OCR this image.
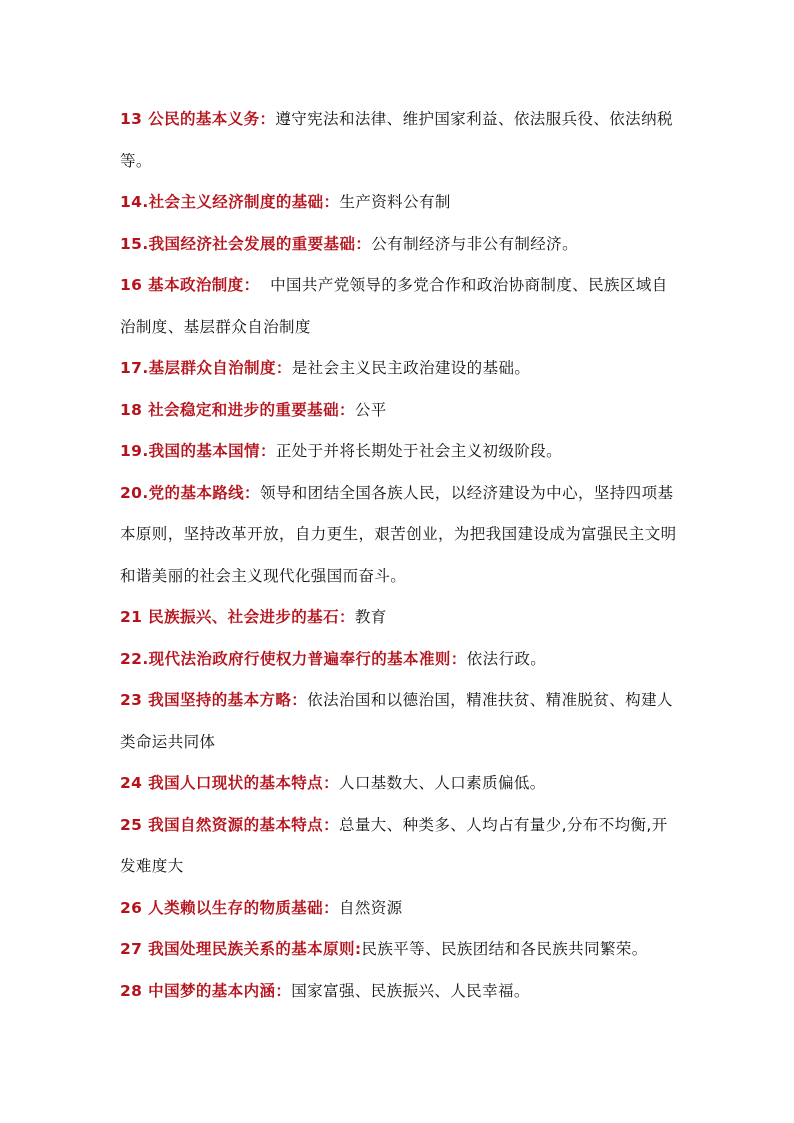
13 公民的基本义务：遵守宪法和法律、维护国家利益、依法服兵役、依法纳税等。
14.社会主义经济制度的基础：生产资料公有制
15.我国经济社会发展的重要基础：公有制经济与非公有制经济。
16 基本政治制度：  中国共产党领导的多党合作和政治协商制度、民族区域自治制度、基层群众自治制度
17.基层群众自治制度：是社会主义民主政治建设的基础。
18 社会稳定和进步的重要基础：公平
19.我国的基本国情：正处于并将长期处于社会主义初级阶段。
20.党的基本路线：领导和团结全国各族人民，以经济建设为中心，坚持四项基本原则，坚持改革开放，自力更生，艰苦创业，为把我国建设成为富强民主文明和谐美丽的社会主义现代化强国而奋斗。
21 民族振兴、社会进步的基石：教育
22.现代法治政府行使权力普遍奉行的基本准则：依法行政。
23 我国坚持的基本方略：依法治国和以德治国，精准扶贫、精准脱贫、构建人类命运共同体
24 我国人口现状的基本特点：人口基数大、人口素质偏低。
25 我国自然资源的基本特点：总量大、种类多、人均占有量少,分布不均衡,开发难度大
26 人类赖以生存的物质基础：自然资源
27 我国处理民族关系的基本原则:民族平等、民族团结和各民族共同繁荣。
28 中国梦的基本内涵：国家富强、民族振兴、人民幸福。
